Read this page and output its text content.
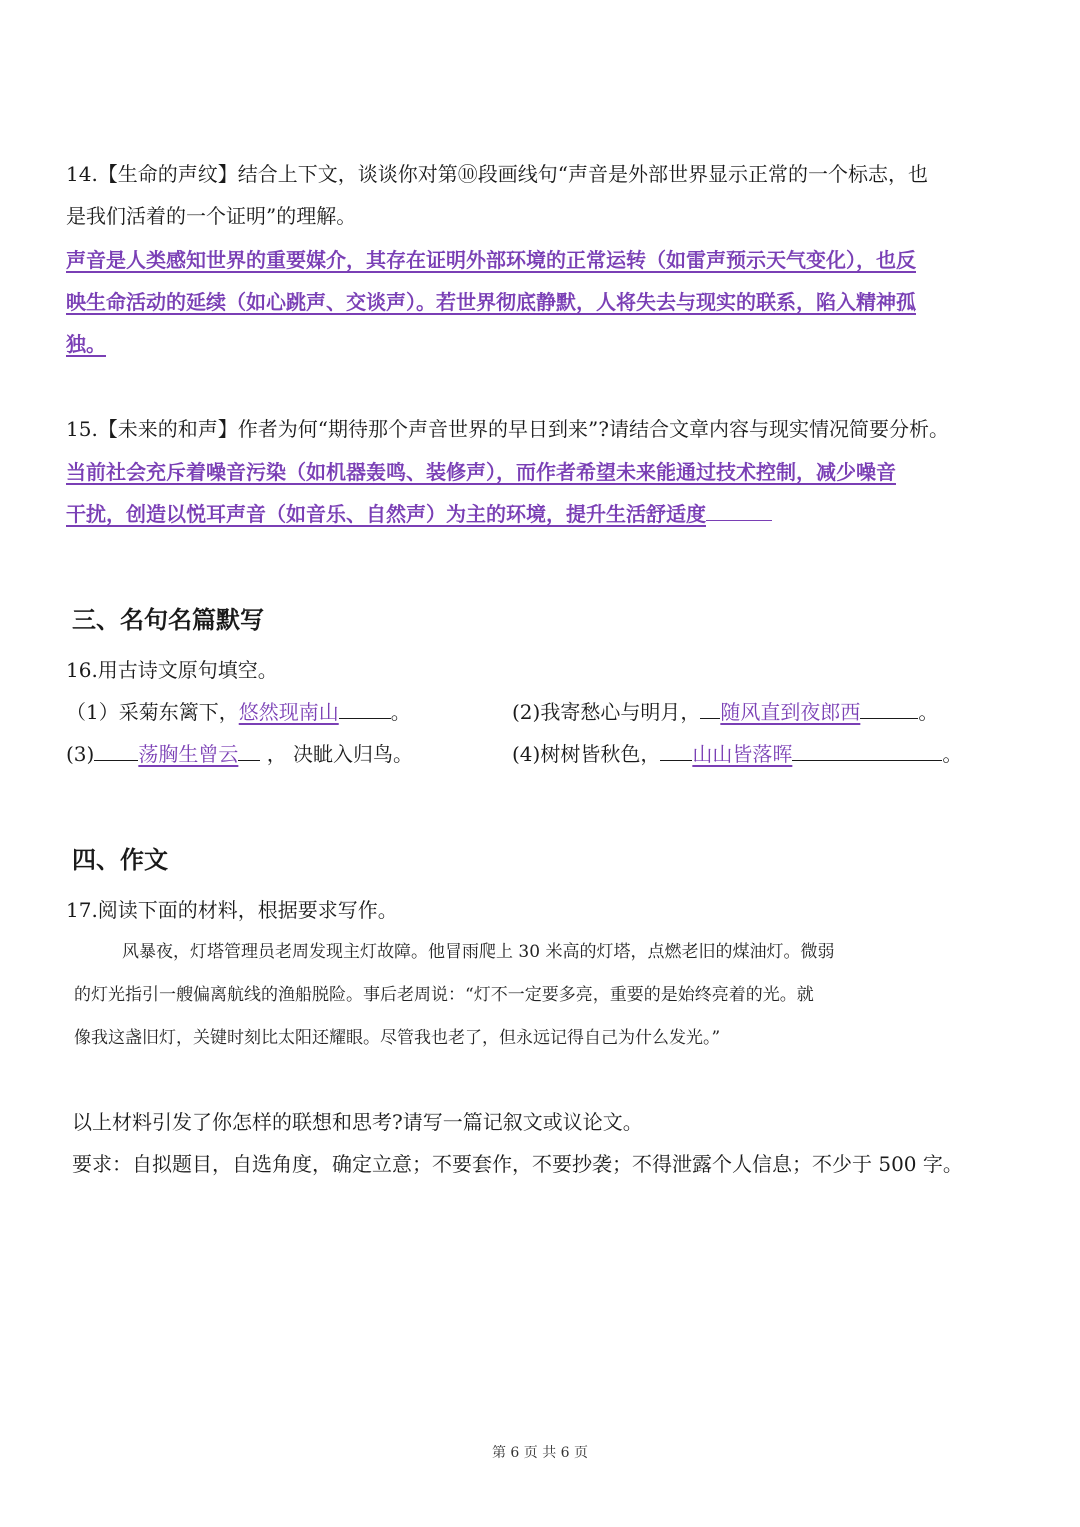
14.【生命的声纹】结合上下文，谈谈你对第⑩段画线句“声音是外部世界显示正常的一个标志，也
是我们活着的一个证明”的理解。
声音是人类感知世界的重要媒介，其存在证明外部环境的正常运转（如雷声预示天气变化），也反
映生命活动的延续（如心跳声、交谈声）。若世界彻底静默，人将失去与现实的联系，陷入精神孤
独。
15.【未来的和声】作者为何“期待那个声音世界的早日到来”?请结合文章内容与现实情况简要分析。
当前社会充斥着噪音污染（如机器轰鸣、装修声），而作者希望未来能通过技术控制，减少噪音
干扰，创造以悦耳声音（如音乐、自然声）为主的环境，提升生活舒适度
三、名句名篇默写
16.用古诗文原句填空。
（1）采菊东篱下，悠然现南山	。	(2)我寄愁心与明月， 随风直到夜郎西	。
(3) 荡胸生曾云 ， 决眦入归鸟。	(4)树树皆秋色， 山山皆落晖	。
四、作文
17.阅读下面的材料，根据要求写作。
风暴夜，灯塔管理员老周发现主灯故障。他冒雨爬上 30 米高的灯塔，点燃老旧的煤油灯。微弱
的灯光指引一艘偏离航线的渔船脱险。事后老周说：“灯不一定要多亮，重要的是始终亮着的光。就
像我这盏旧灯，关键时刻比太阳还耀眼。尽管我也老了，但永远记得自己为什么发光。”
以上材料引发了你怎样的联想和思考?请写一篇记叙文或议论文。
要求：自拟题目，自选角度，确定立意；不要套作，不要抄袭；不得泄露个人信息；不少于 500 字。
第 6 页 共 6 页
